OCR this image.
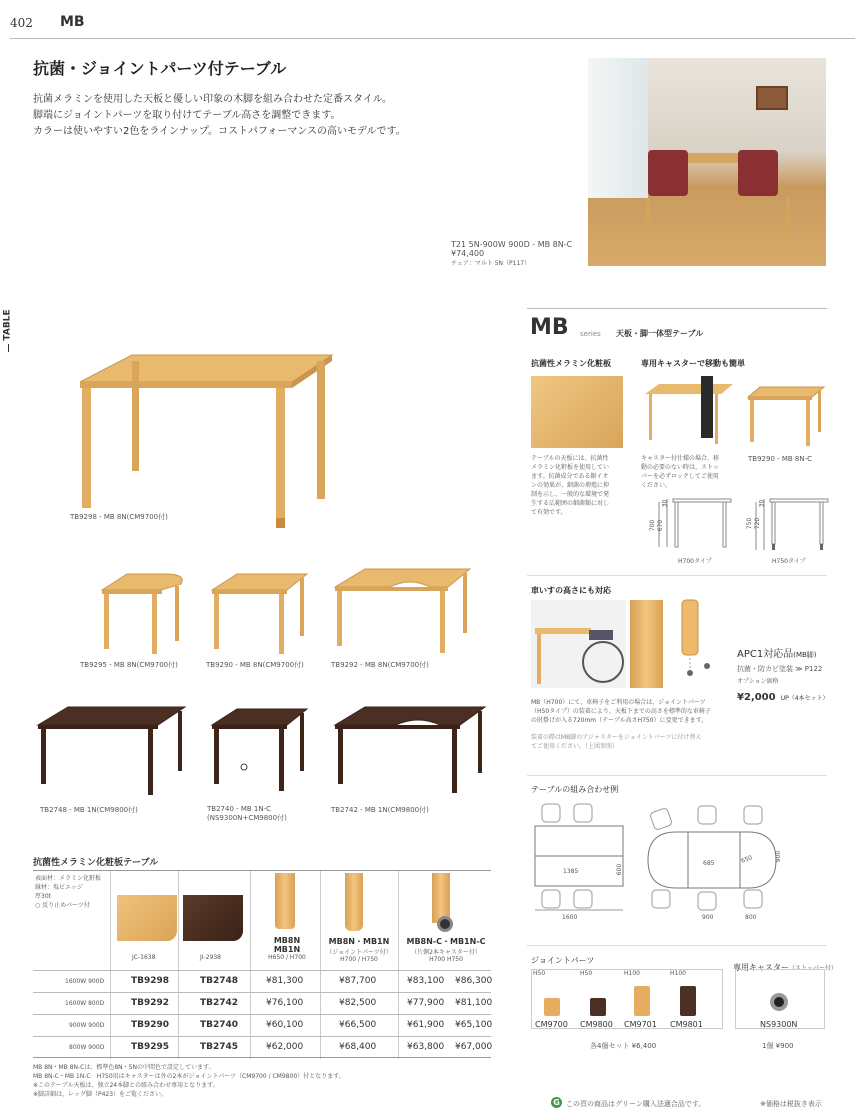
402 MB
TABLE
抗菌・ジョイントパーツ付テーブル
抗菌メラミンを使用した天板と優しい印象の木脚を組み合わせた定番スタイル。
脚端にジョイントパーツを取り付けてテーブル高さを調整できます。
カラーは使いやすい2色をラインナップ。コストパフォーマンスの高いモデルです。
T21 5N-900W 900D - MB 8N-C
¥74,400
チェア：マルト 5N（P117）
TB9298 - MB 8N(CM9700付)
TB9295 - MB 8N(CM9700付)	TB9290 - MB 8N(CM9700付)	TB9292 - MB 8N(CM9700付)
TB2748 - MB 1N(CM9800付)	TB2740 - MB 1N-C
(NS9300N+CM9800付)
TB2742 - MB 1N(CM9800付)
MB series 天板・脚一体型テーブル
抗菌性メラミン化粧板
テーブルの天板には、抗菌性
メラミン化粧板を使用してい
ます。抗菌成分である銀イオ
ンの効果が、細菌の増殖に抑
制を示し、一般的な環境で発
生する広範囲の細菌類に対し
て有効です。
専用キャスターで移動も簡単
キャスター付仕様の場合、移
動の必要のない時は、ストッ
パーを必ずロックしてご使用
ください。
TB9290 - MB 8N-C
700 670
30
H700タイプ
750 720
30
H750タイプ
車いすの高さにも対応
APC1対応品(MB脚)
抗菌・防カビ塗装 ≫ P122
オプション価格
¥2,000 UP（4本セット）
MB（H700）にて、車椅子をご利用の場合は、ジョイントパーツ
（H50タイプ）の装着により、天板下までの高さを標準的な車椅子
の肘掛けが入る720mm（テーブル高さH750）に変更できます。
装着の際はMB脚のアジャスターをジョイントパーツに付け替え
てご使用ください。（上図参照）
テーブルの組み合わせ例
1385	600
1600
685	650	900
900	800
抗菌性メラミン化粧板テーブル
表面材：メラミン化粧板
縁材：塩ビエッジ
厚30t
○ 反り止めパーツ付
JC-1638	JI-2938
MB8N
MB1N
H650 / H700
MB8N・MB1N
（ジョイントパーツ付）
H700 / H750
MB8N-C・MB1N-C
（片側2本キャスター付）
H700 H750
1600W 900D	TB9298	TB2748	¥81,300	¥87,700	¥83,100 ¥86,300
1600W 800D	TB9292	TB2742	¥76,100	¥82,500	¥77,900 ¥81,100
900W 900D	TB9290	TB2740	¥60,100	¥66,500	¥61,900 ¥65,100
800W 900D	TB9295	TB2745	¥62,000	¥68,400	¥63,800 ¥67,000
MB 8N・MB 8N-Cは、標準色8N・5Nの中間色で設定しています。
MB 8N-C・MB 1N-C　H750用はキャスターは外の2本がジョイントパーツ（CM9700 / CM9800）付となります。
※このテーブル天板は、独立24本脚との組み合わせ専用となります。
※脚詳細は、レッグ脚（P423）をご覧ください。
ジョイントパーツ
H50	H50	H100	H100
CM9700 CM9800 CM9701 CM9801
各4個セット ¥6,400
専用キャスター（ストッパー付）
NS9300N
1個 ¥900
G この頁の商品はグリーン購入法適合品です。	※価格は税抜き表示
